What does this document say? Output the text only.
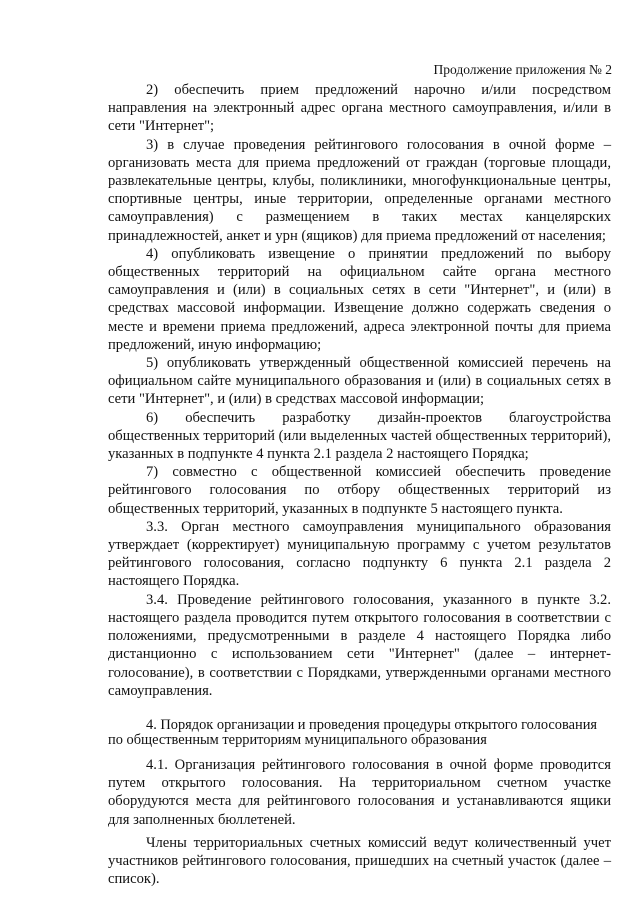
Продолжение приложения № 2

2) обеспечить прием предложений нарочно и/или посредством направления на электронный адрес органа местного самоуправления, и/или в сети "Интернет";

3) в случае проведения рейтингового голосования в очной форме – организовать места для приема предложений от граждан (торговые площади, развлекательные центры, клубы, поликлиники, многофункциональные центры, спортивные центры, иные территории, определенные органами местного самоуправления) с размещением в таких местах канцелярских принадлежностей, анкет и урн (ящиков) для приема предложений от населения;

4) опубликовать извещение о принятии предложений по выбору общественных территорий на официальном сайте органа местного самоуправления и (или) в социальных сетях в сети "Интернет", и (или) в средствах массовой информации. Извещение должно содержать сведения о месте и времени приема предложений, адреса электронной почты для приема предложений, иную информацию;

5) опубликовать утвержденный общественной комиссией перечень на официальном сайте муниципального образования и (или) в социальных сетях в сети "Интернет", и (или) в средствах массовой информации;

6) обеспечить разработку дизайн-проектов благоустройства общественных территорий (или выделенных частей общественных территорий), указанных в подпункте 4 пункта 2.1 раздела 2 настоящего Порядка;

7) совместно с общественной комиссией обеспечить проведение рейтингового голосования по отбору общественных территорий из общественных территорий, указанных в подпункте 5 настоящего пункта.

3.3. Орган местного самоуправления муниципального образования утверждает (корректирует) муниципальную программу с учетом результатов рейтингового голосования, согласно подпункту 6 пункта 2.1 раздела 2 настоящего Порядка.

3.4. Проведение рейтингового голосования, указанного в пункте 3.2. настоящего раздела проводится путем открытого голосования в соответствии с положениями, предусмотренными в разделе 4 настоящего Порядка либо дистанционно с использованием сети "Интернет" (далее – интернет-голосование), в соответствии с Порядками, утвержденными органами местного самоуправления.

4. Порядок организации и проведения процедуры открытого голосования по общественным территориям муниципального образования

4.1. Организация рейтингового голосования в очной форме проводится путем открытого голосования. На территориальном счетном участке оборудуются места для рейтингового голосования и устанавливаются ящики для заполненных бюллетеней.

Члены территориальных счетных комиссий ведут количественный учет участников рейтингового голосования, пришедших на счетный участок (далее – список).
